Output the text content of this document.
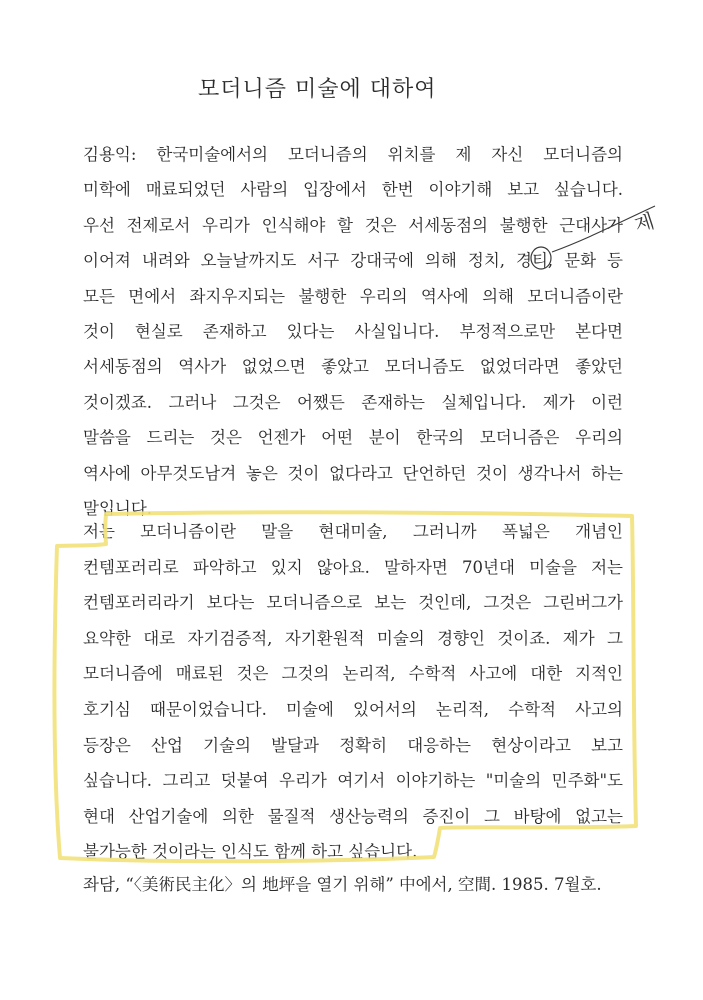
모더니즘 미술에 대하여
김용익: 한국미술에서의 모더니즘의 위치를 제 자신 모더니즘의
미학에 매료되었던 사람의 입장에서 한번 이야기해 보고 싶습니다.
우선 전제로서 우리가 인식해야 할 것은 서세동점의 불행한 근대사가
이어져 내려와 오늘날까지도 서구 강대국에 의해 정치, 경티, 문화 등
모든 면에서 좌지우지되는 불행한 우리의 역사에 의해 모더니즘이란
것이 현실로 존재하고 있다는 사실입니다. 부정적으로만 본다면
서세동점의 역사가 없었으면 좋았고 모더니즘도 없었더라면 좋았던
것이겠죠. 그러나 그것은 어쨌든 존재하는 실체입니다. 제가 이런
말씀을 드리는 것은 언젠가 어떤 분이 한국의 모더니즘은 우리의
역사에 아무것도남겨 놓은 것이 없다라고 단언하던 것이 생각나서 하는
말입니다.
저는 모더니즘이란 말을 현대미술, 그러니까 폭넓은 개념인
컨템포러리로 파악하고 있지 않아요. 말하자면 70년대 미술을 저는
컨템포러리라기 보다는 모더니즘으로 보는 것인데, 그것은 그린버그가
요약한 대로 자기검증적, 자기환원적 미술의 경향인 것이죠. 제가 그
모더니즘에 매료된 것은 그것의 논리적, 수학적 사고에 대한 지적인
호기심 때문이었습니다. 미술에 있어서의 논리적, 수학적 사고의
등장은 산업 기술의 발달과 정확히 대응하는 현상이라고 보고
싶습니다. 그리고 덧붙여 우리가 여기서 이야기하는 "미술의 민주화"도
현대 산업기술에 의한 물질적 생산능력의 증진이 그 바탕에 없고는
불가능한 것이라는 인식도 함께 하고 싶습니다.
좌담, “〈美術民主化〉의 地坪을 열기 위해” 中에서, 空間. 1985. 7월호.
제
